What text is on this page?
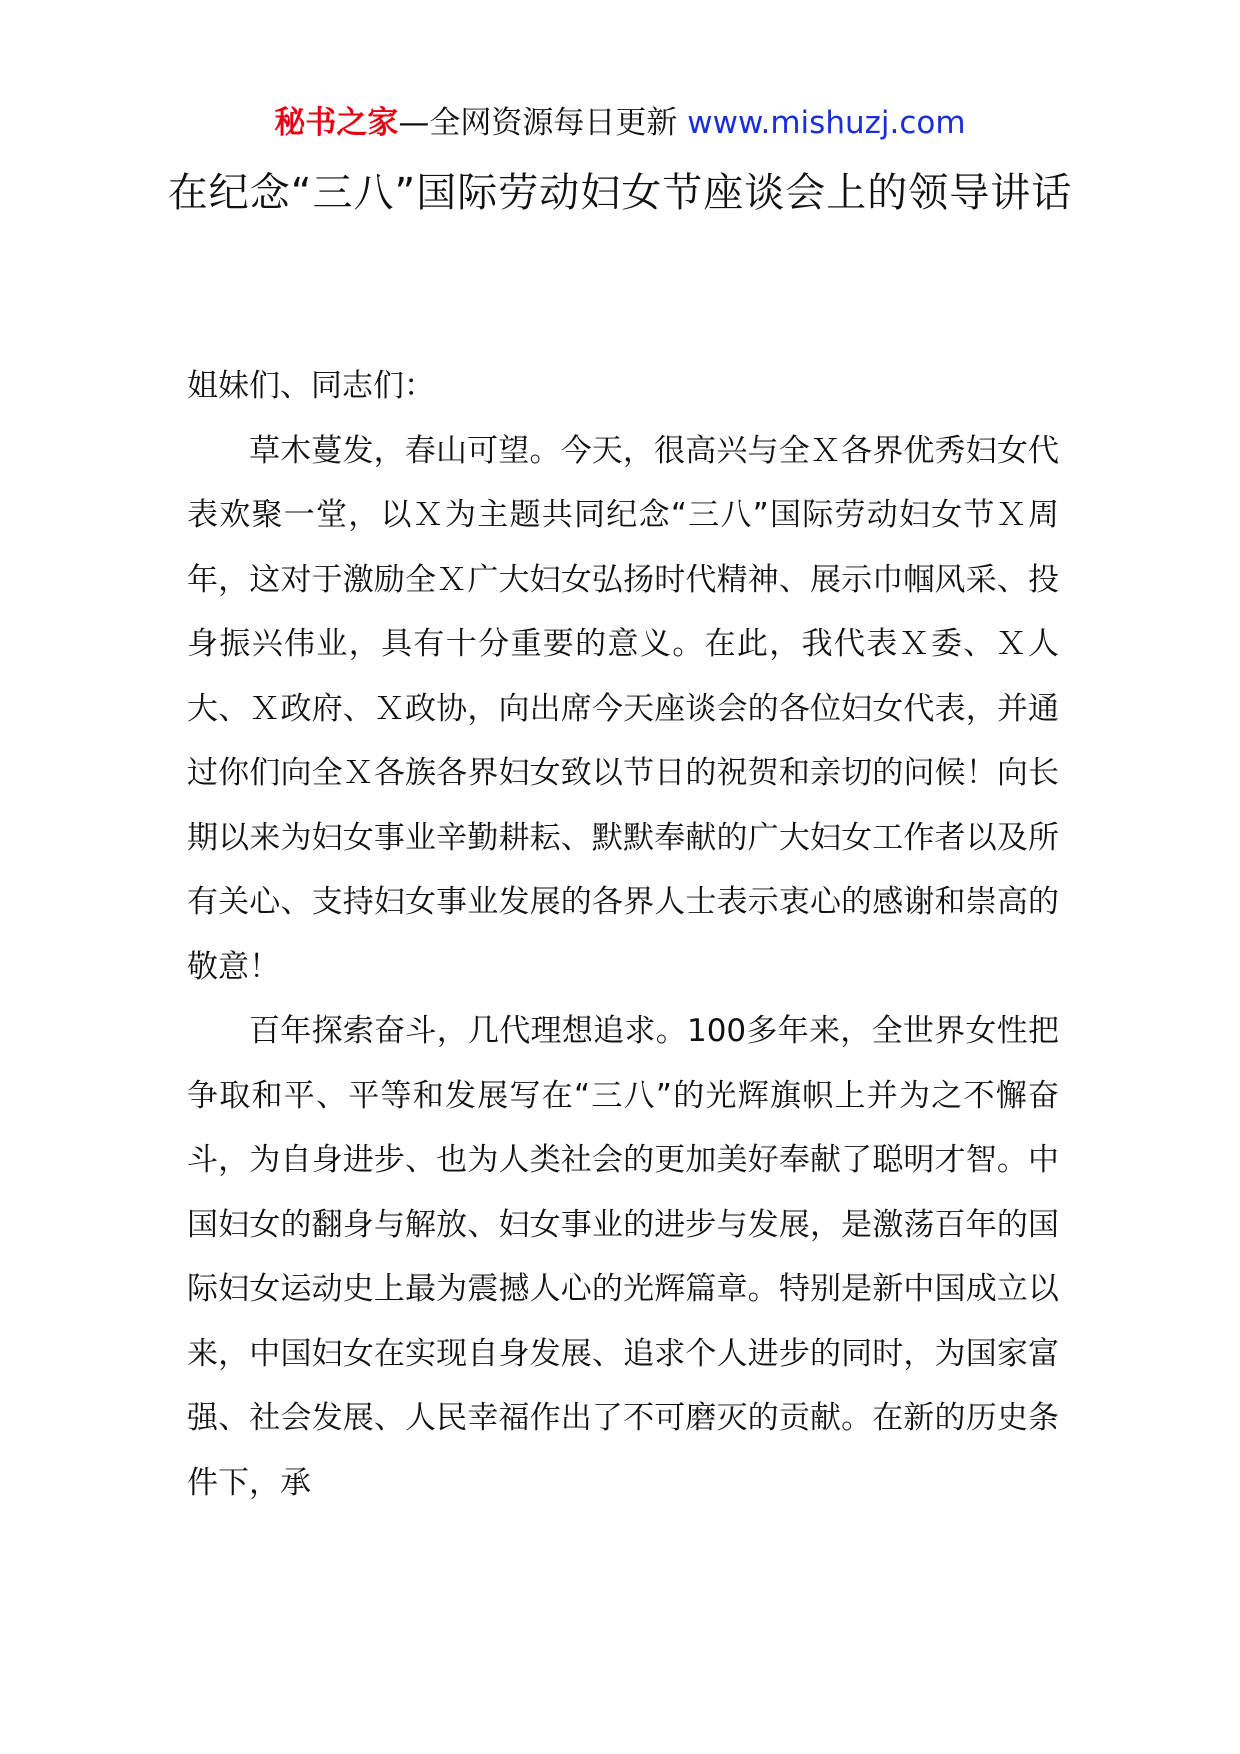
秘书之家—全网资源每日更新 www.mishuzj.com
在纪念“三八”国际劳动妇女节座谈会上的领导讲话

姐妹们、同志们：

草木蔓发，春山可望。今天，很高兴与全Ｘ各界优秀妇女代表欢聚一堂，以Ｘ为主题共同纪念“三八”国际劳动妇女节Ｘ周年，这对于激励全Ｘ广大妇女弘扬时代精神、展示巾帼风采、投身振兴伟业，具有十分重要的意义。在此，我代表Ｘ委、Ｘ人大、Ｘ政府、Ｘ政协，向出席今天座谈会的各位妇女代表，并通过你们向全Ｘ各族各界妇女致以节日的祝贺和亲切的问候！向长期以来为妇女事业辛勤耕耘、默默奉献的广大妇女工作者以及所有关心、支持妇女事业发展的各界人士表示衷心的感谢和崇高的敬意！

百年探索奋斗，几代理想追求。100多年来，全世界女性把争取和平、平等和发展写在“三八”的光辉旗帜上并为之不懈奋斗，为自身进步、也为人类社会的更加美好奉献了聪明才智。中国妇女的翻身与解放、妇女事业的进步与发展，是激荡百年的国际妇女运动史上最为震撼人心的光辉篇章。特别是新中国成立以来，中国妇女在实现自身发展、追求个人进步的同时，为国家富强、社会发展、人民幸福作出了不可磨灭的贡献。在新的历史条件下，承
